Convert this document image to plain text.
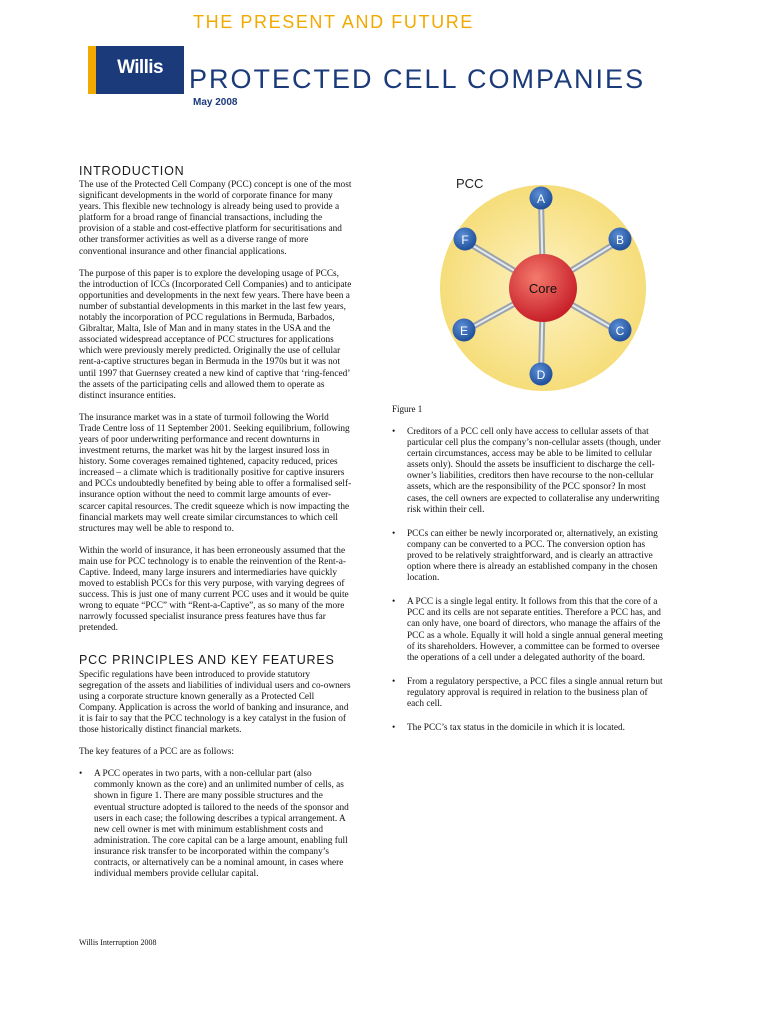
THE PRESENT AND FUTURE
Willis PROTECTED CELL COMPANIES
May 2008
INTRODUCTION

The use of the Protected Cell Company (PCC) concept is one of the most significant developments in the world of corporate finance for many years. This flexible new technology is already being used to provide a platform for a broad range of financial transactions, including the provision of a stable and cost-effective platform for securitisations and other transformer activities as well as a diverse range of more conventional insurance and other financial applications.

The purpose of this paper is to explore the developing usage of PCCs, the introduction of ICCs (Incorporated Cell Companies) and to anticipate opportunities and developments in the next few years. There have been a number of substantial developments in this market in the last few years, notably the incorporation of PCC regulations in Bermuda, Barbados, Gibraltar, Malta, Isle of Man and in many states in the USA and the associated widespread acceptance of PCC structures for applications which were previously merely predicted. Originally the use of cellular rent-a-captive structures began in Bermuda in the 1970s but it was not until 1997 that Guernsey created a new kind of captive that ‘ring-fenced’ the assets of the participating cells and allowed them to operate as distinct insurance entities.

The insurance market was in a state of turmoil following the World Trade Centre loss of 11 September 2001. Seeking equilibrium, following years of poor underwriting performance and recent downturns in investment returns, the market was hit by the largest insured loss in history. Some coverages remained tightened, capacity reduced, prices increased – a climate which is traditionally positive for captive insurers and PCCs undoubtedly benefited by being able to offer a formalised self-insurance option without the need to commit large amounts of ever-scarcer capital resources. The credit squeeze which is now impacting the financial markets may well create similar circumstances to which cell structures may well be able to respond to.

Within the world of insurance, it has been erroneously assumed that the main use for PCC technology is to enable the reinvention of the Rent-a-Captive. Indeed, many large insurers and intermediaries have quickly moved to establish PCCs for this very purpose, with varying degrees of success. This is just one of many current PCC uses and it would be quite wrong to equate “PCC” with “Rent-a-Captive”, as so many of the more narrowly focussed specialist insurance press features have thus far pretended.

PCC PRINCIPLES AND KEY FEATURES

Specific regulations have been introduced to provide statutory segregation of the assets and liabilities of individual users and co-owners using a corporate structure known generally as a Protected Cell Company. Application is across the world of banking and insurance, and it is fair to say that the PCC technology is a key catalyst in the fusion of those historically distinct financial markets.

The key features of a PCC are as follows:

• A PCC operates in two parts, with a non-cellular part (also commonly known as the core) and an unlimited number of cells, as shown in figure 1. There are many possible structures and the eventual structure adopted is tailored to the needs of the sponsor and users in each case; the following describes a typical arrangement. A new cell owner is met with minimum establishment costs and administration. The core capital can be a large amount, enabling full insurance risk transfer to be incorporated within the company’s contracts, or alternatively can be a nominal amount, in cases where individual members provide cellular capital.
Core
PCC
A
B
C
D
E
F
Figure 1
• Creditors of a PCC cell only have access to cellular assets of that particular cell plus the company’s non-cellular assets (though, under certain circumstances, access may be able to be limited to cellular assets only). Should the assets be insufficient to discharge the cell-owner’s liabilities, creditors then have recourse to the non-cellular assets, which are the responsibility of the PCC sponsor? In most cases, the cell owners are expected to collateralise any underwriting risk within their cell.
• PCCs can either be newly incorporated or, alternatively, an existing company can be converted to a PCC. The conversion option has proved to be relatively straightforward, and is clearly an attractive option where there is already an established company in the chosen location.
• A PCC is a single legal entity. It follows from this that the core of a PCC and its cells are not separate entities. Therefore a PCC has, and can only have, one board of directors, who manage the affairs of the PCC as a whole. Equally it will hold a single annual general meeting of its shareholders. However, a committee can be formed to oversee the operations of a cell under a delegated authority of the board.
• From a regulatory perspective, a PCC files a single annual return but regulatory approval is required in relation to the business plan of each cell.
• The PCC’s tax status in the domicile in which it is located.
Willis Interruption 2008
